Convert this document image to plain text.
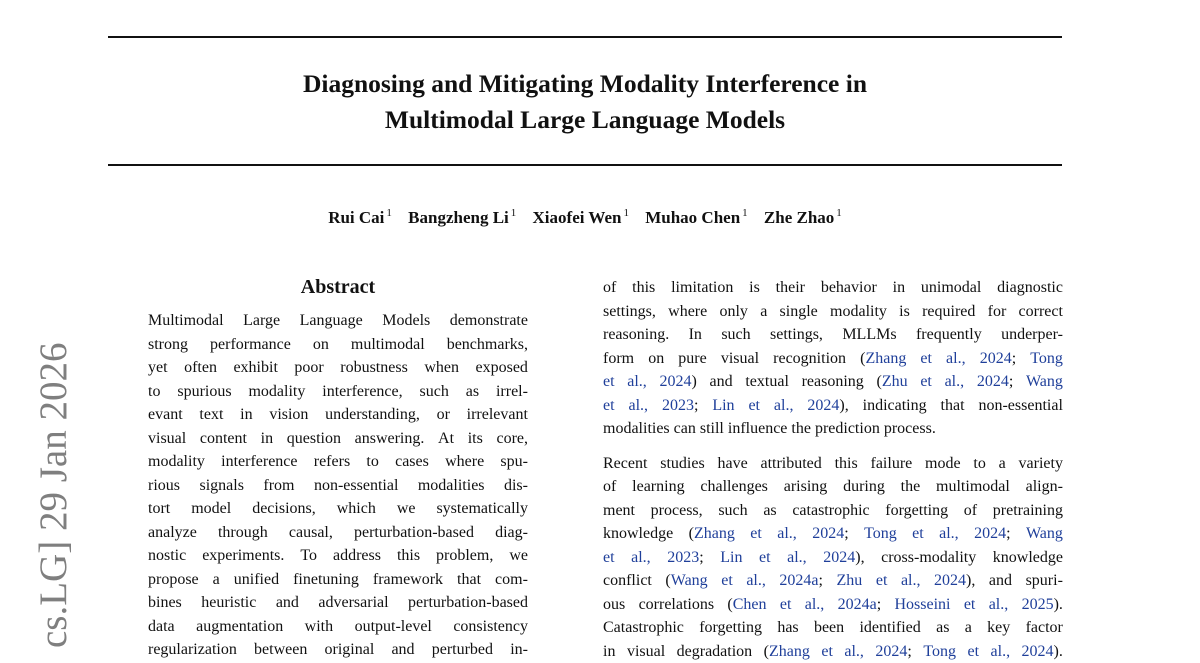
Diagnosing and Mitigating Modality Interference in
Multimodal Large Language Models
Rui Cai $^1$ Bangzheng Li $^1$ Xiaofei Wen $^1$ Muhao Chen $^1$ Zhe Zhao $^1$
cs.LG] 29 Jan 2026
Abstract
Multimodal Large Language Models demonstrate
strong performance on multimodal benchmarks,
yet often exhibit poor robustness when exposed
to spurious modality interference, such as irrel-
evant text in vision understanding, or irrelevant
visual content in question answering. At its core,
modality interference refers to cases where spu-
rious signals from non-essential modalities dis-
tort model decisions, which we systematically
analyze through causal, perturbation-based diag-
nostic experiments. To address this problem, we
propose a unified finetuning framework that com-
bines heuristic and adversarial perturbation-based
data augmentation with output-level consistency
regularization between original and perturbed in-
of this limitation is their behavior in unimodal diagnostic
settings, where only a single modality is required for correct
reasoning. In such settings, MLLMs frequently underper-
form on pure visual recognition (Zhang et al., 2024; Tong
et al., 2024) and textual reasoning (Zhu et al., 2024; Wang
et al., 2023; Lin et al., 2024), indicating that non-essential
modalities can still influence the prediction process.
Recent studies have attributed this failure mode to a variety
of learning challenges arising during the multimodal align-
ment process, such as catastrophic forgetting of pretraining
knowledge (Zhang et al., 2024; Tong et al., 2024; Wang
et al., 2023; Lin et al., 2024), cross-modality knowledge
conflict (Wang et al., 2024a; Zhu et al., 2024), and spuri-
ous correlations (Chen et al., 2024a; Hosseini et al., 2025).
Catastrophic forgetting has been identified as a key factor
in visual degradation (Zhang et al., 2024; Tong et al., 2024).
